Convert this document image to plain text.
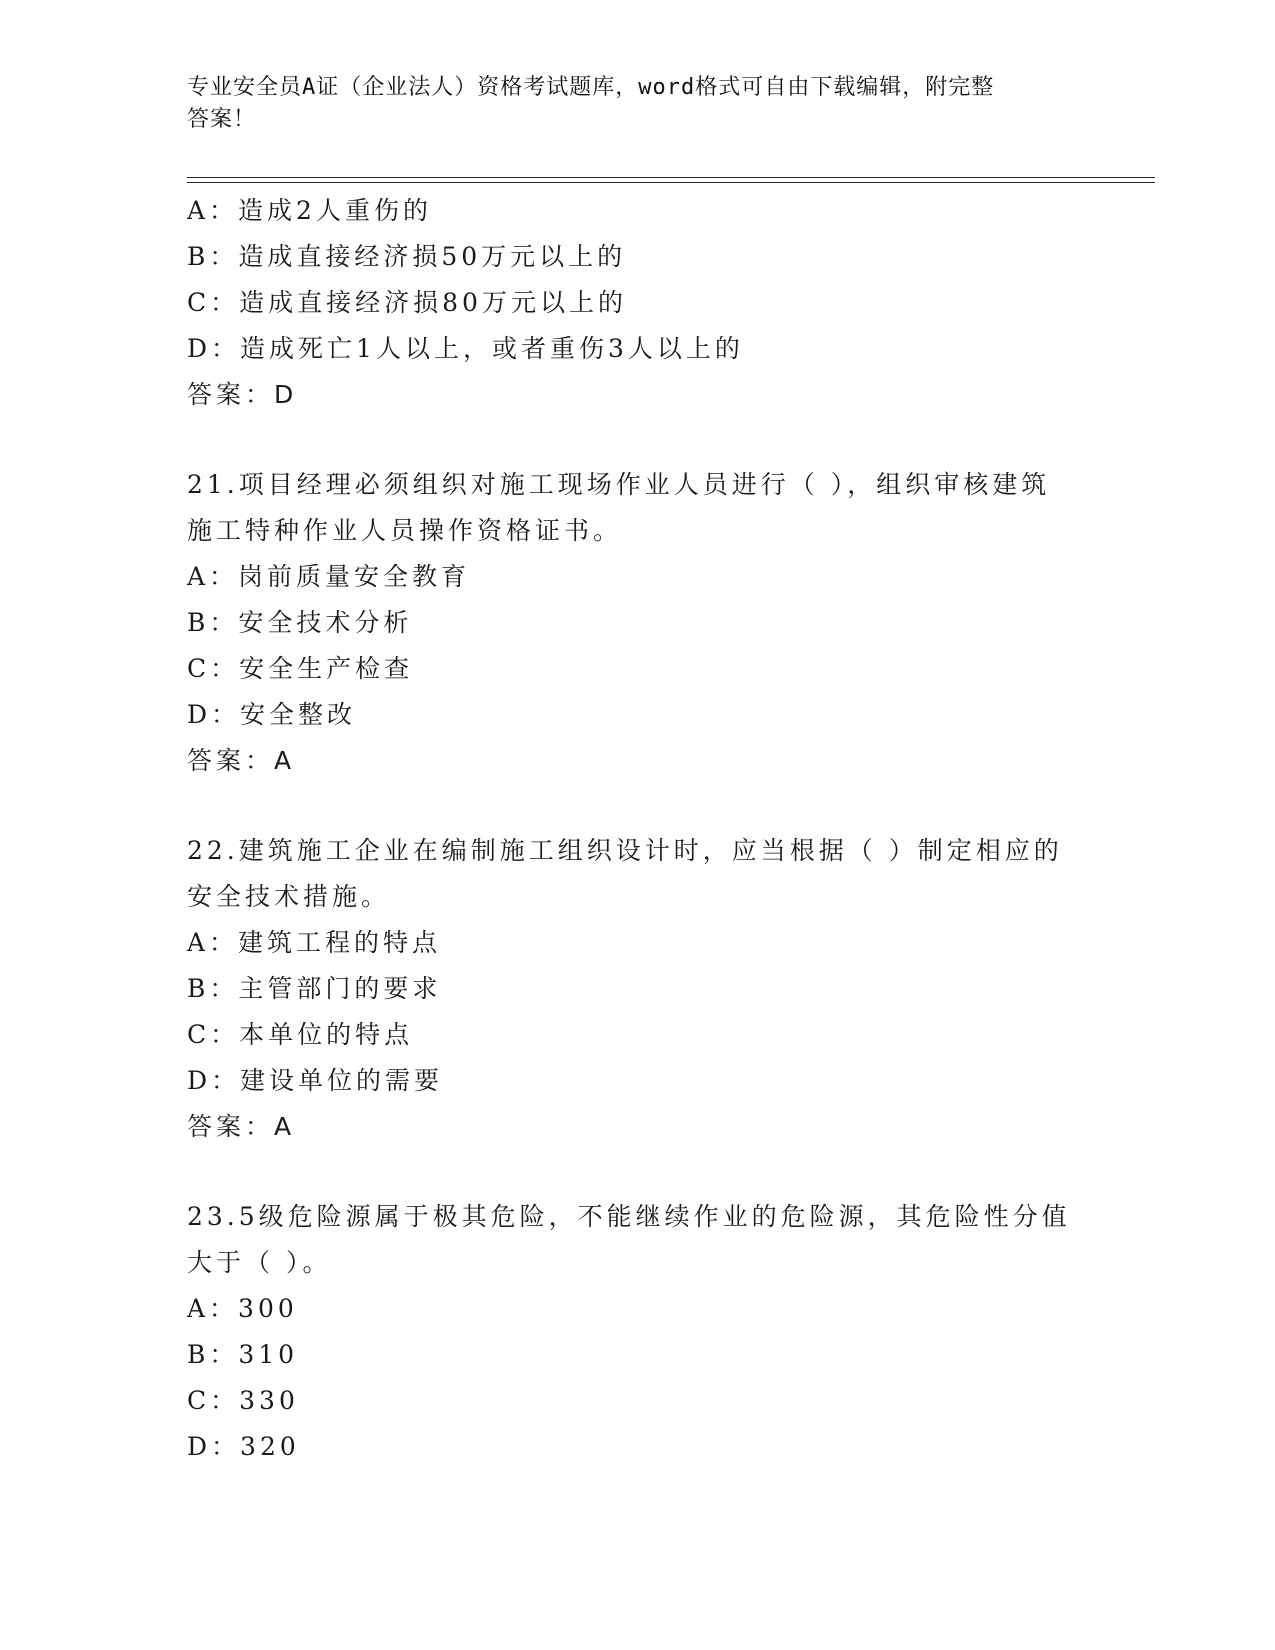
专业安全员A证（企业法人）资格考试题库，word格式可自由下载编辑，附完整
答案！
A：造成2人重伤的
B：造成直接经济损50万元以上的
C：造成直接经济损80万元以上的
D：造成死亡1人以上，或者重伤3人以上的
答案：D
21.项目经理必须组织对施工现场作业人员进行（ ），组织审核建筑
施工特种作业人员操作资格证书。
A：岗前质量安全教育
B：安全技术分析
C：安全生产检查
D：安全整改
答案：A
22.建筑施工企业在编制施工组织设计时，应当根据（ ）制定相应的
安全技术措施。
A：建筑工程的特点
B：主管部门的要求
C：本单位的特点
D：建设单位的需要
答案：A
23.5级危险源属于极其危险，不能继续作业的危险源，其危险性分值
大于（ ）。
A：300
B：310
C：330
D：320
